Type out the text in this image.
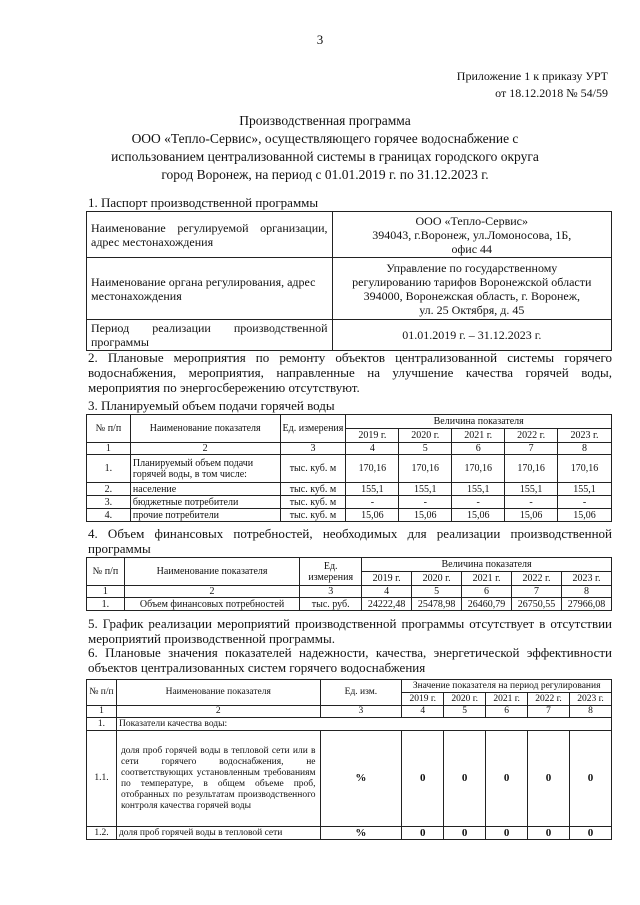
3
Приложение 1 к приказу УРТ
от 18.12.2018 № 54/59
Производственная программа
ООО «Тепло-Сервис», осуществляющего горячее водоснабжение с
использованием централизованной системы в границах городского округа
город Воронеж, на период с 01.01.2019 г. по 31.12.2023 г.
1. Паспорт производственной программы
Наименование регулируемой организации, адрес местонахождения	ООО «Тепло-Сервис»
394043, г.Воронеж, ул.Ломоносова, 1Б,
офис 44

Наименование органа регулирования, адрес местонахождения	Управление по государственному
регулированию тарифов Воронежской области
394000, Воронежская область, г. Воронеж,
ул. 25 Октября, д. 45

Период реализации производственной программы	01.01.2019 г. – 31.12.2023 г.
2. Плановые мероприятия по ремонту объектов централизованной системы горячего водоснабжения, мероприятия, направленные на улучшение качества горячей воды, мероприятия по энергосбережению отсутствуют.
3. Планируемый объем подачи горячей воды
№ п/п	Наименование показателя	Ед. измерения	Величина показателя				
			2019 г.	2020 г.	2021 г.	2022 г.	2023 г.
1	2	3	4	5	6	7	8
1.	Планируемый объем подачи горячей воды, в том числе:	тыс. куб. м	170,16	170,16	170,16	170,16	170,16
2.	население	тыс. куб. м	155,1	155,1	155,1	155,1	155,1
3.	бюджетные потребители	тыс. куб. м	-	-	-	-	-
4.	прочие потребители	тыс. куб. м	15,06	15,06	15,06	15,06	15,06
4. Объем финансовых потребностей, необходимых для реализации производственной программы
№ п/п	Наименование показателя	Ед. измерения	Величина показателя				
			2019 г.	2020 г.	2021 г.	2022 г.	2023 г.
1	2	3	4	5	6	7	8
1.	Объем финансовых потребностей	тыс. руб.	24222,48	25478,98	26460,79	26750,55	27966,08
5. График реализации мероприятий производственной программы отсутствует в отсутствии мероприятий производственной программы.
6. Плановые значения показателей надежности, качества, энергетической эффективности объектов централизованных систем горячего водоснабжения
№ п/п	Наименование показателя	Ед. изм.	Значение показателя на период регулирования				
			2019 г.	2020 г.	2021 г.	2022 г.	2023 г.
1	2	3	4	5	6	7	8
1.	Показатели качества воды:						
1.1.	доля проб горячей воды в тепловой сети или в сети горячего водоснабжения, не соответствующих установленным требованиям по температуре, в общем объеме проб, отобранных по результатам производственного контроля качества горячей воды	%	0	0	0	0	0
1.2.	доля проб горячей воды в тепловой сети	%	0	0	0	0	0
